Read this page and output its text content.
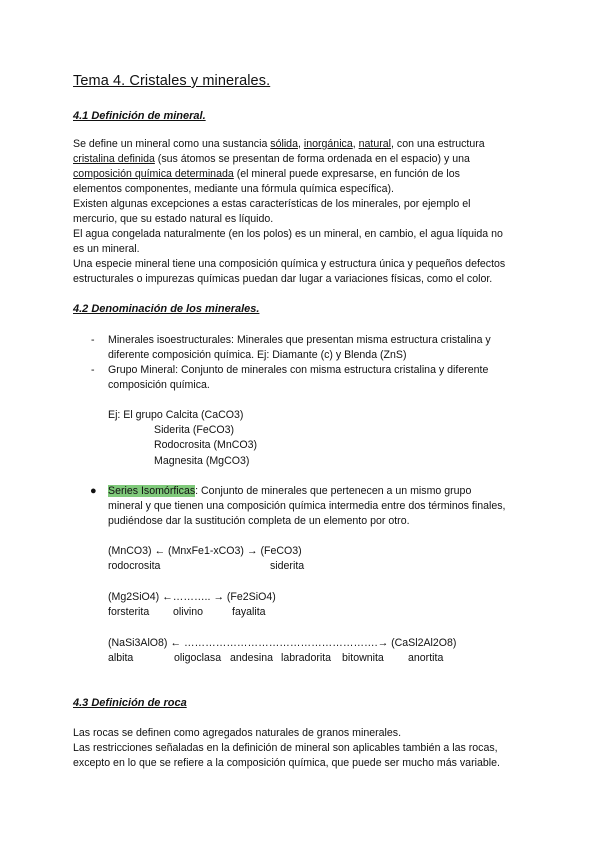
Tema 4. Cristales y minerales.
4.1 Definición de mineral.
Se define un mineral como una sustancia sólida, inorgánica, natural, con una estructura
cristalina definida (sus átomos se presentan de forma ordenada en el espacio) y una
composición química determinada (el mineral puede expresarse, en función de los
elementos componentes, mediante una fórmula química específica).
Existen algunas excepciones a estas características de los minerales, por ejemplo el
mercurio, que su estado natural es líquido.
El agua congelada naturalmente (en los polos) es un mineral, en cambio, el agua líquida no
es un mineral.
Una especie mineral tiene una composición química y estructura única y pequeños defectos
estructurales o impurezas químicas puedan dar lugar a variaciones físicas, como el color.
4.2 Denominación de los minerales.
- Minerales isoestructurales: Minerales que presentan misma estructura cristalina y
diferente composición química. Ej: Diamante (c) y Blenda (ZnS)
- Grupo Mineral: Conjunto de minerales con misma estructura cristalina y diferente
composición química.
Ej: El grupo Calcita (CaCO3)
Siderita (FeCO3)
Rodocrosita (MnCO3)
Magnesita (MgCO3)
● Series Isomórficas: Conjunto de minerales que pertenecen a un mismo grupo
mineral y que tienen una composición química intermedia entre dos términos finales,
pudiéndose dar la sustitución completa de un elemento por otro.
(MnCO3) ← (MnxFe1-xCO3) → (FeCO3)
rodocrosita	siderita
(Mg2SiO4) ←……….. → (Fe2SiO4)
forsterita olivino	fayalita
(NaSi3AlO8) ← ……………………………………………….→ (CaSl2Al2O8)
albita	oligoclasa andesina labradorita bitownita anortita
4.3 Definición de roca
Las rocas se definen como agregados naturales de granos minerales.
Las restricciones señaladas en la definición de mineral son aplicables también a las rocas,
excepto en lo que se refiere a la composición química, que puede ser mucho más variable.
